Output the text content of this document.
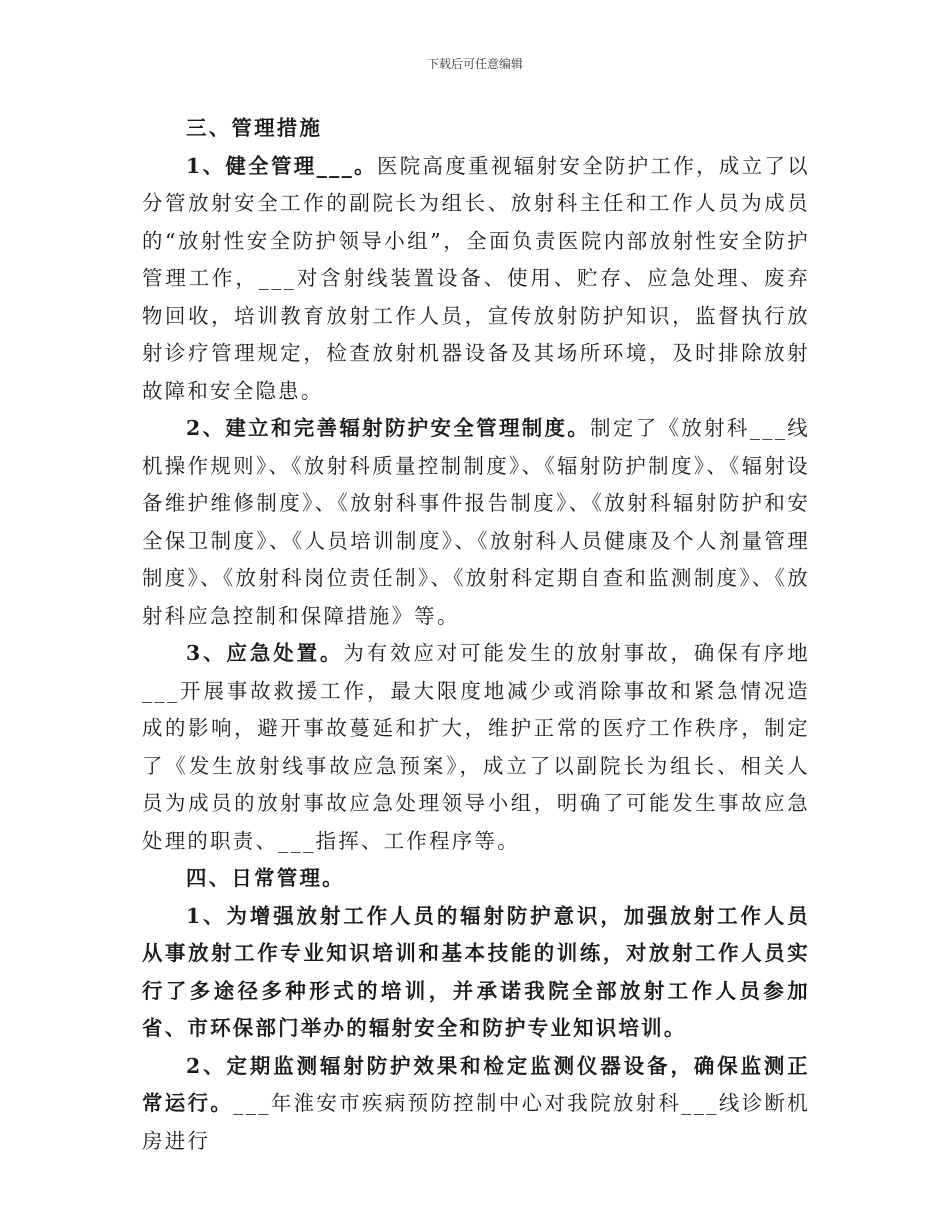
下载后可任意编辑

三、管理措施

1、健全管理___。医院高度重视辐射安全防护工作，成立了以分管放射安全工作的副院长为组长、放射科主任和工作人员为成员的“放射性安全防护领导小组”，全面负责医院内部放射性安全防护管理工作，___对含射线装置设备、使用、贮存、应急处理、废弃物回收，培训教育放射工作人员，宣传放射防护知识，监督执行放射诊疗管理规定，检查放射机器设备及其场所环境，及时排除放射故障和安全隐患。

2、建立和完善辐射防护安全管理制度。制定了《放射科___线机操作规则》、《放射科质量控制制度》、《辐射防护制度》、《辐射设备维护维修制度》、《放射科事件报告制度》、《放射科辐射防护和安全保卫制度》、《人员培训制度》、《放射科人员健康及个人剂量管理制度》、《放射科岗位责任制》、《放射科定期自查和监测制度》、《放射科应急控制和保障措施》等。

3、应急处置。为有效应对可能发生的放射事故，确保有序地___开展事故救援工作，最大限度地减少或消除事故和紧急情况造成的影响，避开事故蔓延和扩大，维护正常的医疗工作秩序，制定了《发生放射线事故应急预案》，成立了以副院长为组长、相关人员为成员的放射事故应急处理领导小组，明确了可能发生事故应急处理的职责、___指挥、工作程序等。

四、日常管理。

1、为增强放射工作人员的辐射防护意识，加强放射工作人员从事放射工作专业知识培训和基本技能的训练，对放射工作人员实行了多途径多种形式的培训，并承诺我院全部放射工作人员参加省、市环保部门举办的辐射安全和防护专业知识培训。

2、定期监测辐射防护效果和检定监测仪器设备，确保监测正常运行。___年淮安市疾病预防控制中心对我院放射科___线诊断机房进行
